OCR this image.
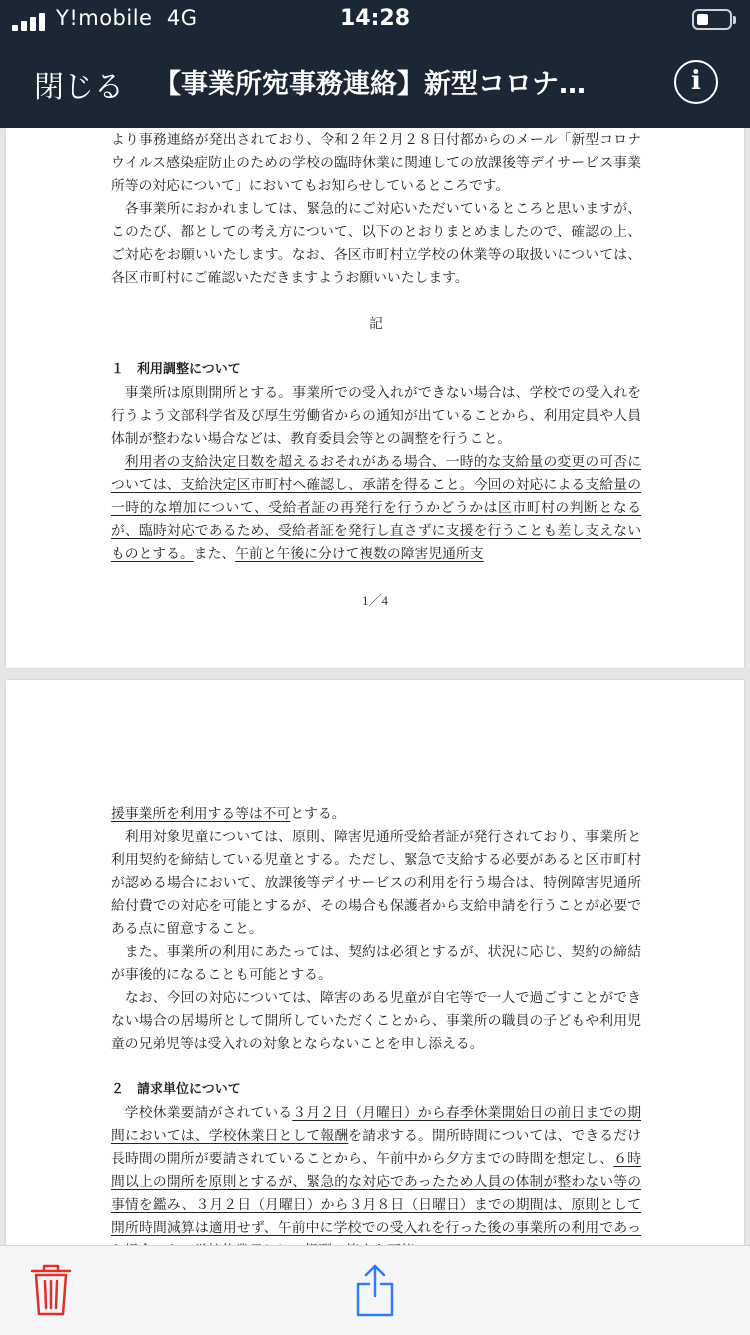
Y!mobile 4G	14:28
閉じる 【事業所宛事務連絡】新型コロナ…	i

より事務連絡が発出されており、令和２年２月２８日付都からのメール「新型コロナウイルス感染症防止のための学校の臨時休業に関連しての放課後等デイサービス事業所等の対応について」においてもお知らせしているところです。

各事業所におかれましては、緊急的にご対応いただいているところと思いますが、このたび、都としての考え方について、以下のとおりまとめましたので、確認の上、ご対応をお願いいたします。なお、各区市町村立学校の休業等の取扱いについては、各区市町村にご確認いただきますようお願いいたします。

記

１　利用調整について

事業所は原則開所とする。事業所での受入れができない場合は、学校での受入れを行うよう文部科学省及び厚生労働省からの通知が出ていることから、利用定員や人員体制が整わない場合などは、教育委員会等との調整を行うこと。

利用者の支給決定日数を超えるおそれがある場合、一時的な支給量の変更の可否については、支給決定区市町村へ確認し、承諾を得ること。今回の対応による支給量の一時的な増加について、受給者証の再発行を行うかどうかは区市町村の判断となるが、臨時対応であるため、受給者証を発行し直さずに支援を行うことも差し支えないものとする。また、午前と午後に分けて複数の障害児通所支

1／4

援事業所を利用する等は不可とする。

利用対象児童については、原則、障害児通所受給者証が発行されており、事業所と利用契約を締結している児童とする。ただし、緊急で支給する必要があると区市町村が認める場合において、放課後等デイサービスの利用を行う場合は、特例障害児通所給付費での対応を可能とするが、その場合も保護者から支給申請を行うことが必要である点に留意すること。

また、事業所の利用にあたっては、契約は必須とするが、状況に応じ、契約の締結が事後的になることも可能とする。

なお、今回の対応については、障害のある児童が自宅等で一人で過ごすことができない場合の居場所として開所していただくことから、事業所の職員の子どもや利用児童の兄弟児等は受入れの対象とならないことを申し添える。

２　請求単位について

学校休業要請がされている３月２日（月曜日）から春季休業開始日の前日までの期間においては、学校休業日として報酬を請求する。開所時間については、できるだけ長時間の開所が要請されていることから、午前中から夕方までの時間を想定し、６時間以上の開所を原則とするが、緊急的な対応であったため人員の体制が整わない等の事情を鑑み、３月２日（月曜日）から３月８日（日曜日）までの期間は、原則として開所時間減算は適用せず、午前中に学校での受入れを行った後の事業所の利用であっ
